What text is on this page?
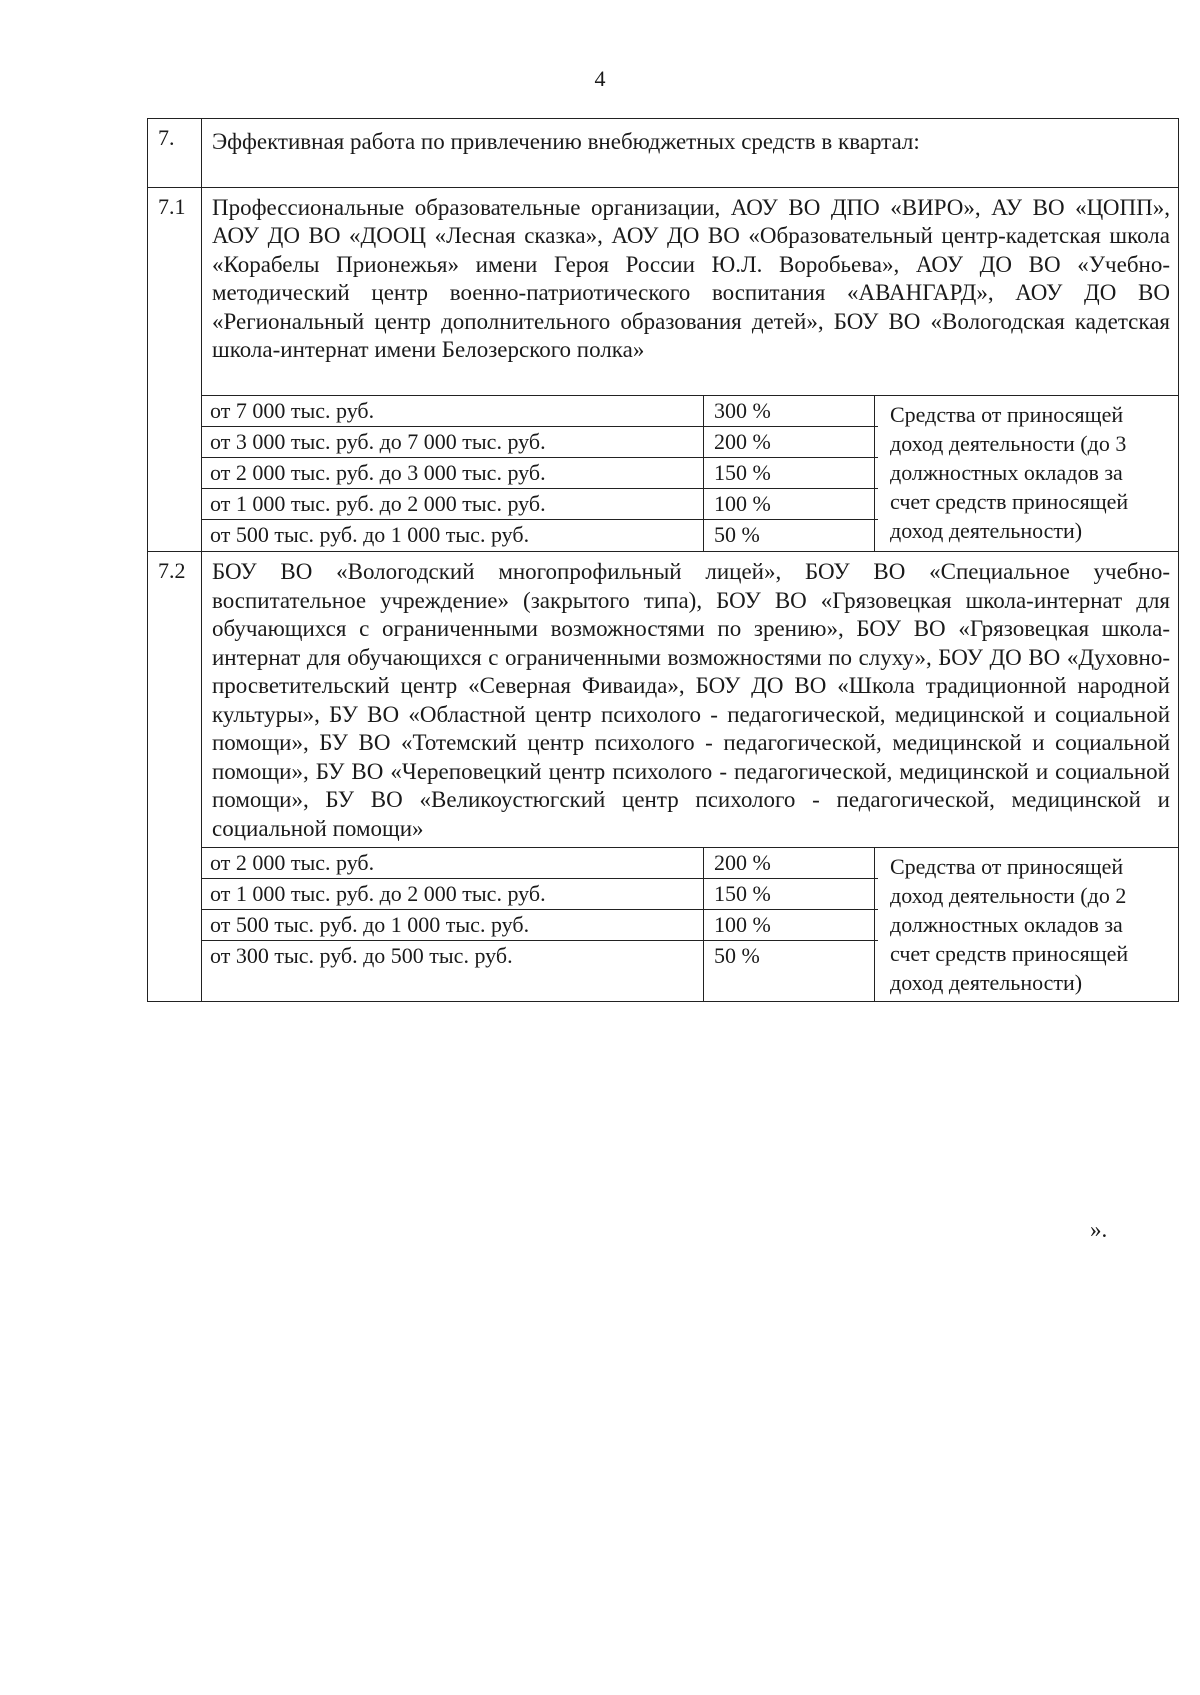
4
7.	Эффективная работа по привлечению внебюджетных средств в квартал:
7.1	Профессиональные образовательные организации, АОУ ВО ДПО «ВИРО», АУ ВО «ЦОПП», АОУ ДО ВО «ДООЦ «Лесная сказка», АОУ ДО ВО «Образовательный центр-кадетская школа «Корабелы Прионежья» имени Героя России Ю.Л. Воробьева», АОУ ДО ВО «Учебно-методический центр военно-патриотического воспитания «АВАНГАРД», АОУ ДО ВО «Региональный центр дополнительного образования детей», БОУ ВО «Вологодская кадетская школа-интернат имени Белозерского полка»
от 7 000 тыс. руб.	300 %
от 3 000 тыс. руб. до 7 000 тыс. руб.	200 %
от 2 000 тыс. руб. до 3 000 тыс. руб.	150 %
от 1 000 тыс. руб. до 2 000 тыс. руб.	100 %
от 500 тыс. руб. до 1 000 тыс. руб.	50 %
Средства от приносящей доход деятельности (до 3 должностных окладов за счет средств приносящей доход деятельности)
7.2	БОУ ВО «Вологодский многопрофильный лицей», БОУ ВО «Специальное учебно-воспитательное учреждение» (закрытого типа), БОУ ВО «Грязовецкая школа-интернат для обучающихся с ограниченными возможностями по зрению», БОУ ВО «Грязовецкая школа-интернат для обучающихся с ограниченными возможностями по слуху», БОУ ДО ВО «Духовно-просветительский центр «Северная Фиваида», БОУ ДО ВО «Школа традиционной народной культуры», БУ ВО «Областной центр психолого - педагогической, медицинской и социальной помощи», БУ ВО «Тотемский центр психолого - педагогической, медицинской и социальной помощи», БУ ВО «Череповецкий центр психолого - педагогической, медицинской и социальной помощи», БУ ВО «Великоустюгский центр психолого - педагогической, медицинской и социальной помощи»
от 2 000 тыс. руб.	200 %
от 1 000 тыс. руб. до 2 000 тыс. руб.	150 %
от 500 тыс. руб. до 1 000 тыс. руб.	100 %
от 300 тыс. руб. до 500 тыс. руб.	50 %
Средства от приносящей доход деятельности (до 2 должностных окладов за счет средств приносящей доход деятельности)
».
